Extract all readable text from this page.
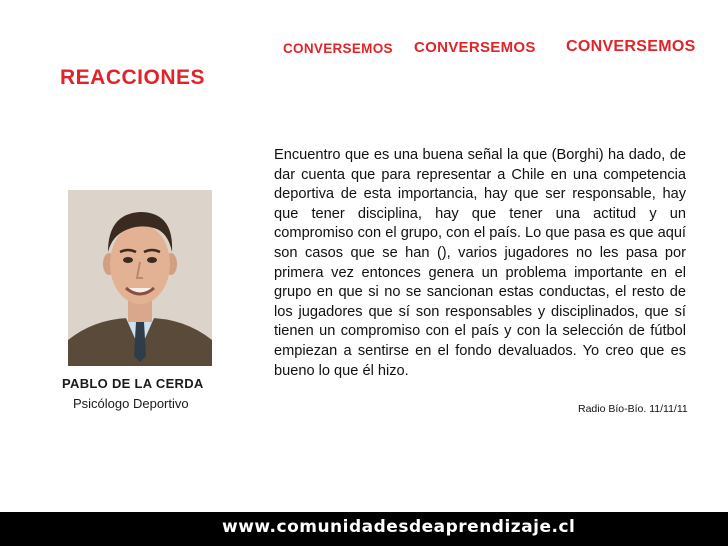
CONVERSEMOS CONVERSEMOS CONVERSEMOS
REACCIONES
PABLO DE LA CERDA
Psicólogo Deportivo
Encuentro que es una buena señal la que (Borghi) ha dado, de dar cuenta que para representar a Chile en una competencia deportiva de esta importancia, hay que ser responsable, hay que tener disciplina, hay que tener una actitud y un compromiso con el grupo, con el país. Lo que pasa es que aquí son casos que se han (), varios jugadores no les pasa por primera vez entonces genera un problema importante en el grupo en que si no se sancionan estas conductas, el resto de los jugadores que sí son responsables y disciplinados, que sí tienen un compromiso con el país y con la selección de fútbol empiezan a sentirse en el fondo devaluados. Yo creo que es bueno lo que él hizo.
Radio Bío-Bío. 11/11/11
www.comunidadesdeaprendizaje.cl
